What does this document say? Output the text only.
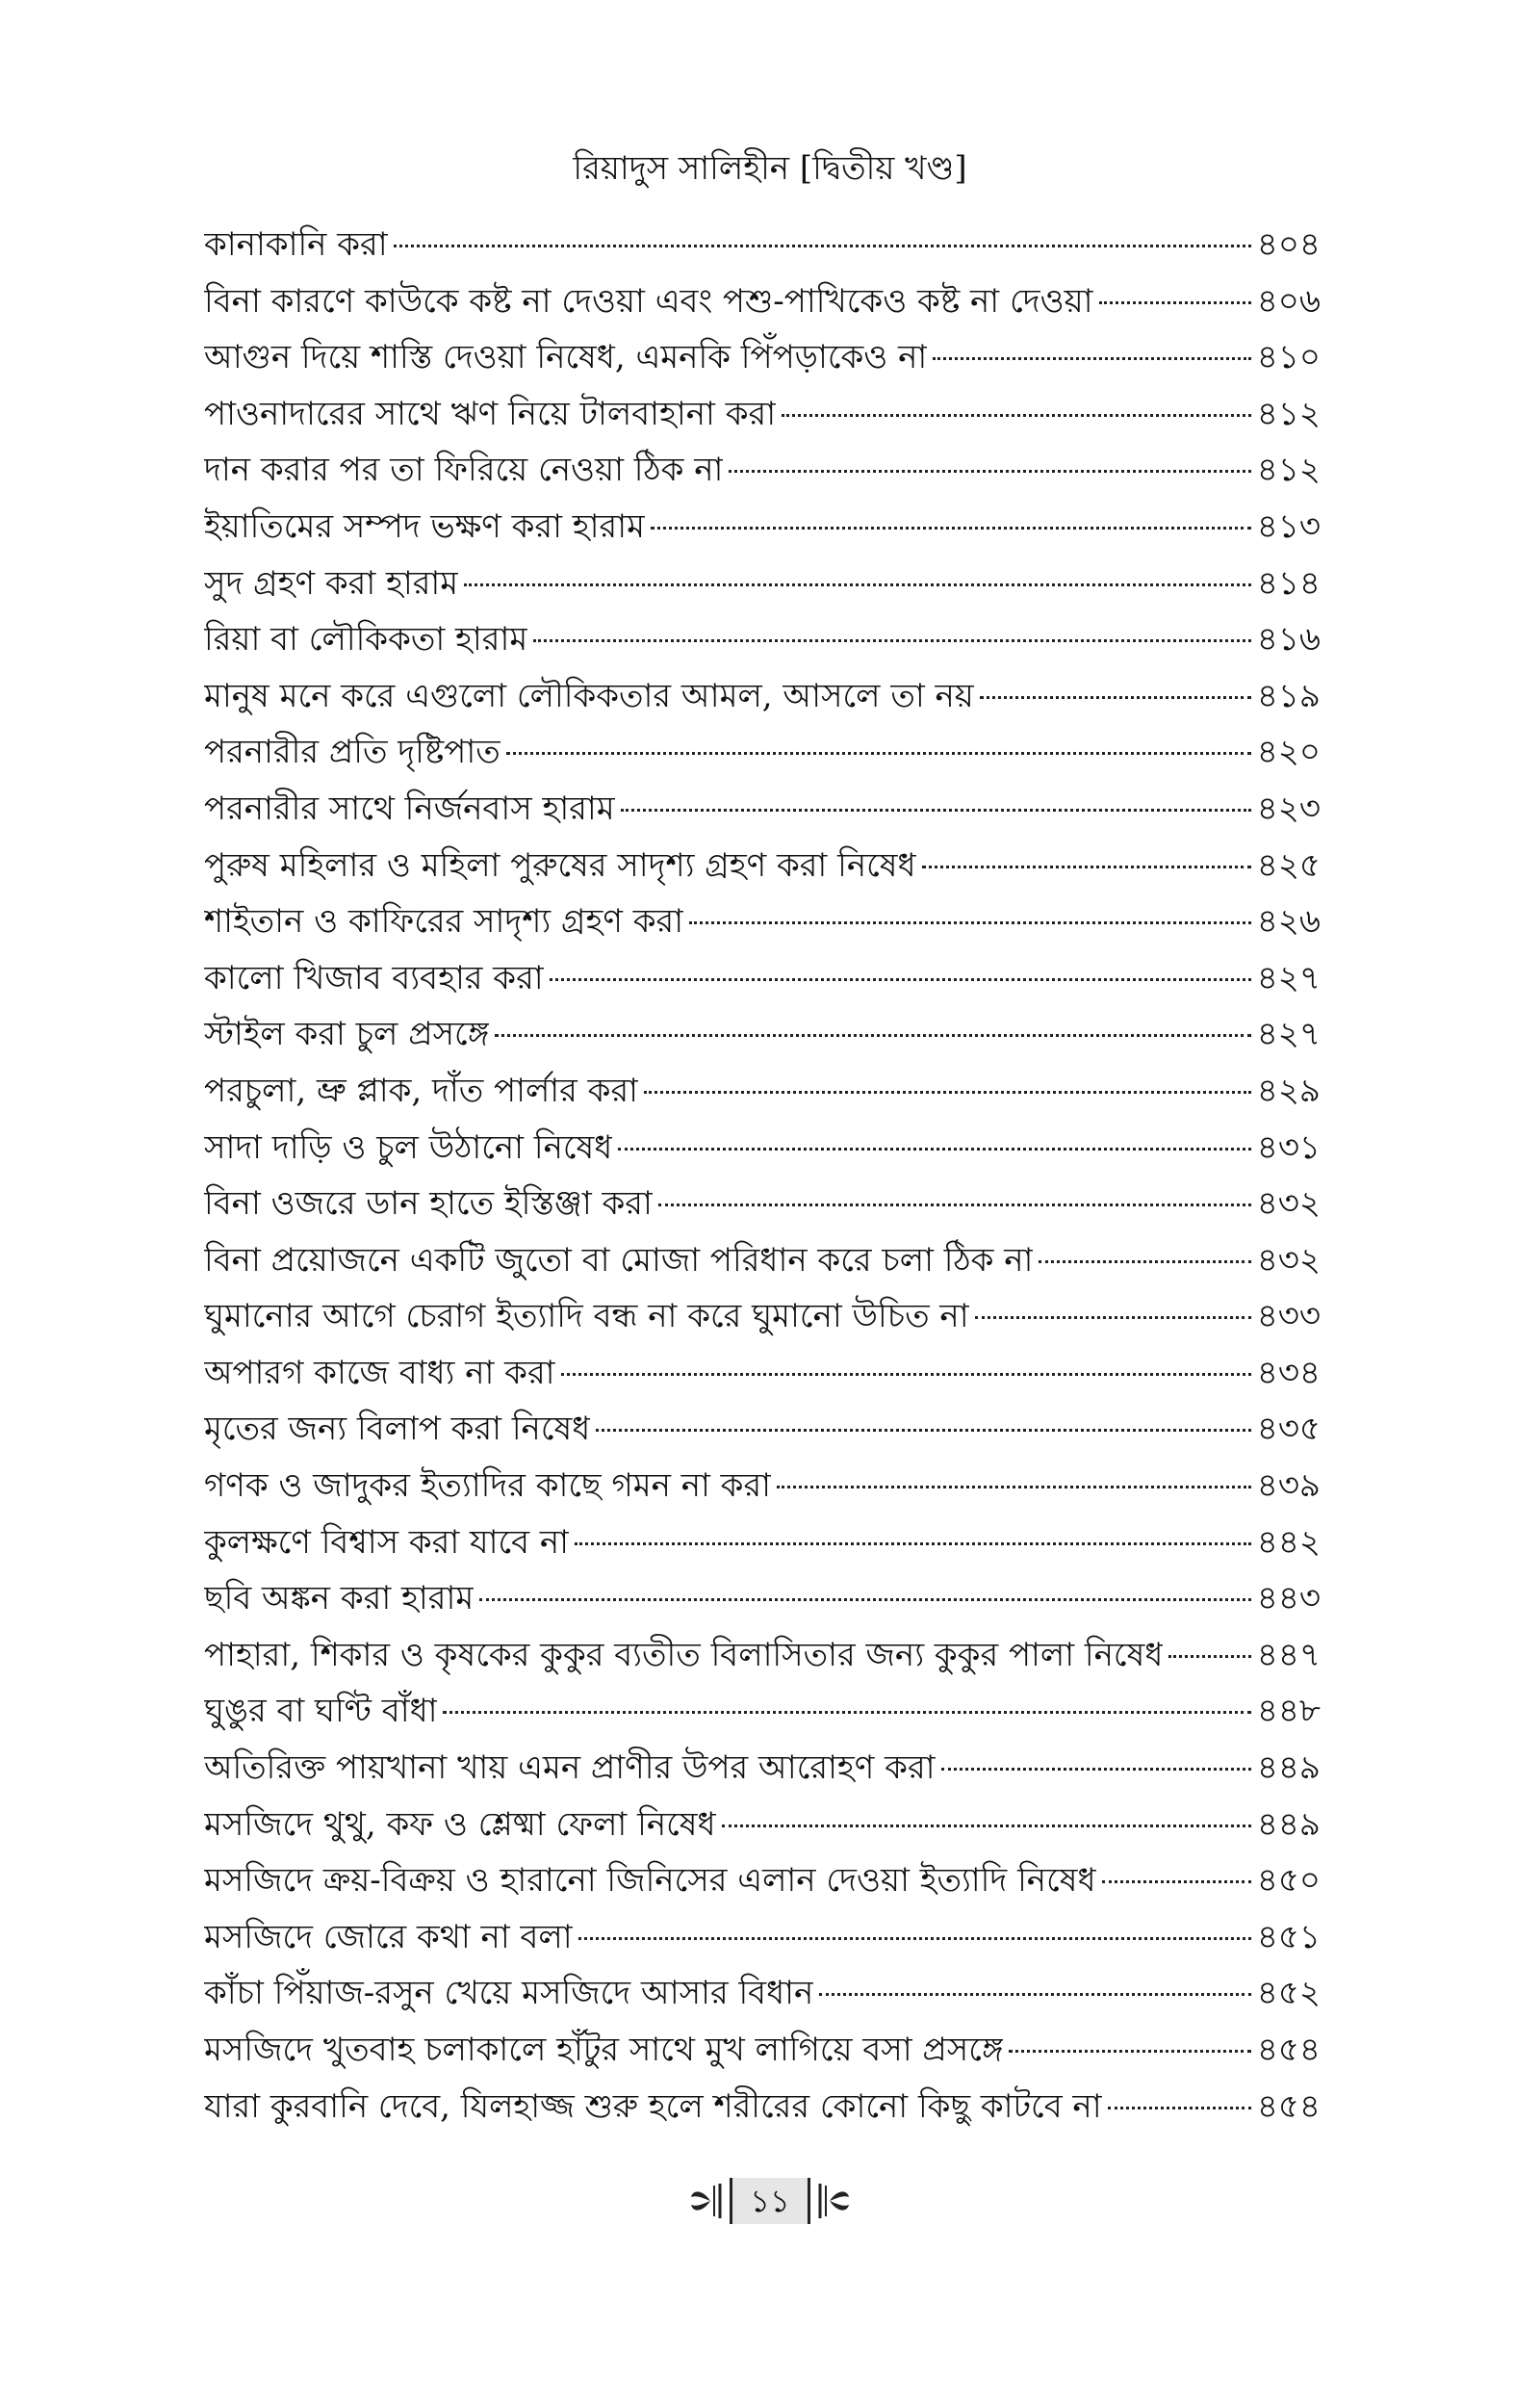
রিয়াদুস সালিহীন [দ্বিতীয় খণ্ড]
কানাকানি করা	৪০৪
বিনা কারণে কাউকে কষ্ট না দেওয়া এবং পশু-পাখিকেও কষ্ট না দেওয়া	৪০৬
আগুন দিয়ে শাস্তি দেওয়া নিষেধ, এমনকি পিঁপড়াকেও না	৪১০
পাওনাদারের সাথে ঋণ নিয়ে টালবাহানা করা	৪১২
দান করার পর তা ফিরিয়ে নেওয়া ঠিক না	৪১২
ইয়াতিমের সম্পদ ভক্ষণ করা হারাম	৪১৩
সুদ গ্রহণ করা হারাম	৪১৪
রিয়া বা লৌকিকতা হারাম	৪১৬
মানুষ মনে করে এগুলো লৌকিকতার আমল, আসলে তা নয়	৪১৯
পরনারীর প্রতি দৃষ্টিপাত	৪২০
পরনারীর সাথে নির্জনবাস হারাম	৪২৩
পুরুষ মহিলার ও মহিলা পুরুষের সাদৃশ্য গ্রহণ করা নিষেধ	৪২৫
শাইতান ও কাফিরের সাদৃশ্য গ্রহণ করা	৪২৬
কালো খিজাব ব্যবহার করা	৪২৭
স্টাইল করা চুল প্রসঙ্গে	৪২৭
পরচুলা, ভ্রু প্লাক, দাঁত পার্লার করা	৪২৯
সাদা দাড়ি ও চুল উঠানো নিষেধ	৪৩১
বিনা ওজরে ডান হাতে ইস্তিঞ্জা করা	৪৩২
বিনা প্রয়োজনে একটি জুতো বা মোজা পরিধান করে চলা ঠিক না	৪৩২
ঘুমানোর আগে চেরাগ ইত্যাদি বন্ধ না করে ঘুমানো উচিত না	৪৩৩
অপারগ কাজে বাধ্য না করা	৪৩৪
মৃতের জন্য বিলাপ করা নিষেধ	৪৩৫
গণক ও জাদুকর ইত্যাদির কাছে গমন না করা	৪৩৯
কুলক্ষণে বিশ্বাস করা যাবে না	৪৪২
ছবি অঙ্কন করা হারাম	৪৪৩
পাহারা, শিকার ও কৃষকের কুকুর ব্যতীত বিলাসিতার জন্য কুকুর পালা নিষেধ	৪৪৭
ঘুঙুর বা ঘণ্টি বাঁধা	৪৪৮
অতিরিক্ত পায়খানা খায় এমন প্রাণীর উপর আরোহণ করা	৪৪৯
মসজিদে থুথু, কফ ও শ্লেষ্মা ফেলা নিষেধ	৪৪৯
মসজিদে ক্রয়-বিক্রয় ও হারানো জিনিসের এলান দেওয়া ইত্যাদি নিষেধ	৪৫০
মসজিদে জোরে কথা না বলা	৪৫১
কাঁচা পিঁয়াজ-রসুন খেয়ে মসজিদে আসার বিধান	৪৫২
মসজিদে খুতবাহ চলাকালে হাঁটুর সাথে মুখ লাগিয়ে বসা প্রসঙ্গে	৪৫৪
যারা কুরবানি দেবে, যিলহাজ্জ শুরু হলে শরীরের কোনো কিছু কাটবে না	৪৫৪
১১
